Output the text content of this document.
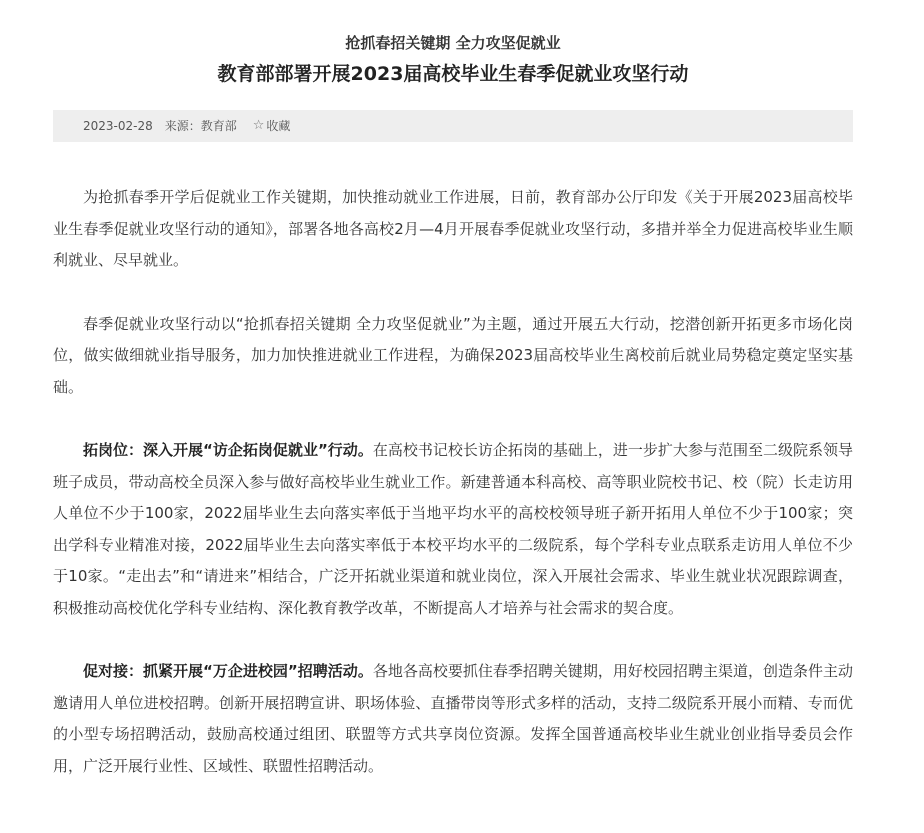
抢抓春招关键期 全力攻坚促就业
教育部部署开展2023届高校毕业生春季促就业攻坚行动
2023-02-28 来源：教育部 ☆ 收藏

为抢抓春季开学后促就业工作关键期，加快推动就业工作进展，日前，教育部办公厅印发《关于开展2023届高校毕业生春季促就业攻坚行动的通知》，部署各地各高校2月—4月开展春季促就业攻坚行动，多措并举全力促进高校毕业生顺利就业、尽早就业。

春季促就业攻坚行动以“抢抓春招关键期 全力攻坚促就业”为主题，通过开展五大行动，挖潜创新开拓更多市场化岗位，做实做细就业指导服务，加力加快推进就业工作进程，为确保2023届高校毕业生离校前后就业局势稳定奠定坚实基础。

拓岗位：深入开展“访企拓岗促就业”行动。在高校书记校长访企拓岗的基础上，进一步扩大参与范围至二级院系领导班子成员，带动高校全员深入参与做好高校毕业生就业工作。新建普通本科高校、高等职业院校书记、校（院）长走访用人单位不少于100家，2022届毕业生去向落实率低于当地平均水平的高校校领导班子新开拓用人单位不少于100家；突出学科专业精准对接，2022届毕业生去向落实率低于本校平均水平的二级院系，每个学科专业点联系走访用人单位不少于10家。“走出去”和“请进来”相结合，广泛开拓就业渠道和就业岗位，深入开展社会需求、毕业生就业状况跟踪调查，积极推动高校优化学科专业结构、深化教育教学改革，不断提高人才培养与社会需求的契合度。

促对接：抓紧开展“万企进校园”招聘活动。各地各高校要抓住春季招聘关键期，用好校园招聘主渠道，创造条件主动邀请用人单位进校招聘。创新开展招聘宣讲、职场体验、直播带岗等形式多样的活动，支持二级院系开展小而精、专而优的小型专场招聘活动，鼓励高校通过组团、联盟等方式共享岗位资源。发挥全国普通高校毕业生就业创业指导委员会作用，广泛开展行业性、区域性、联盟性招聘活动。
